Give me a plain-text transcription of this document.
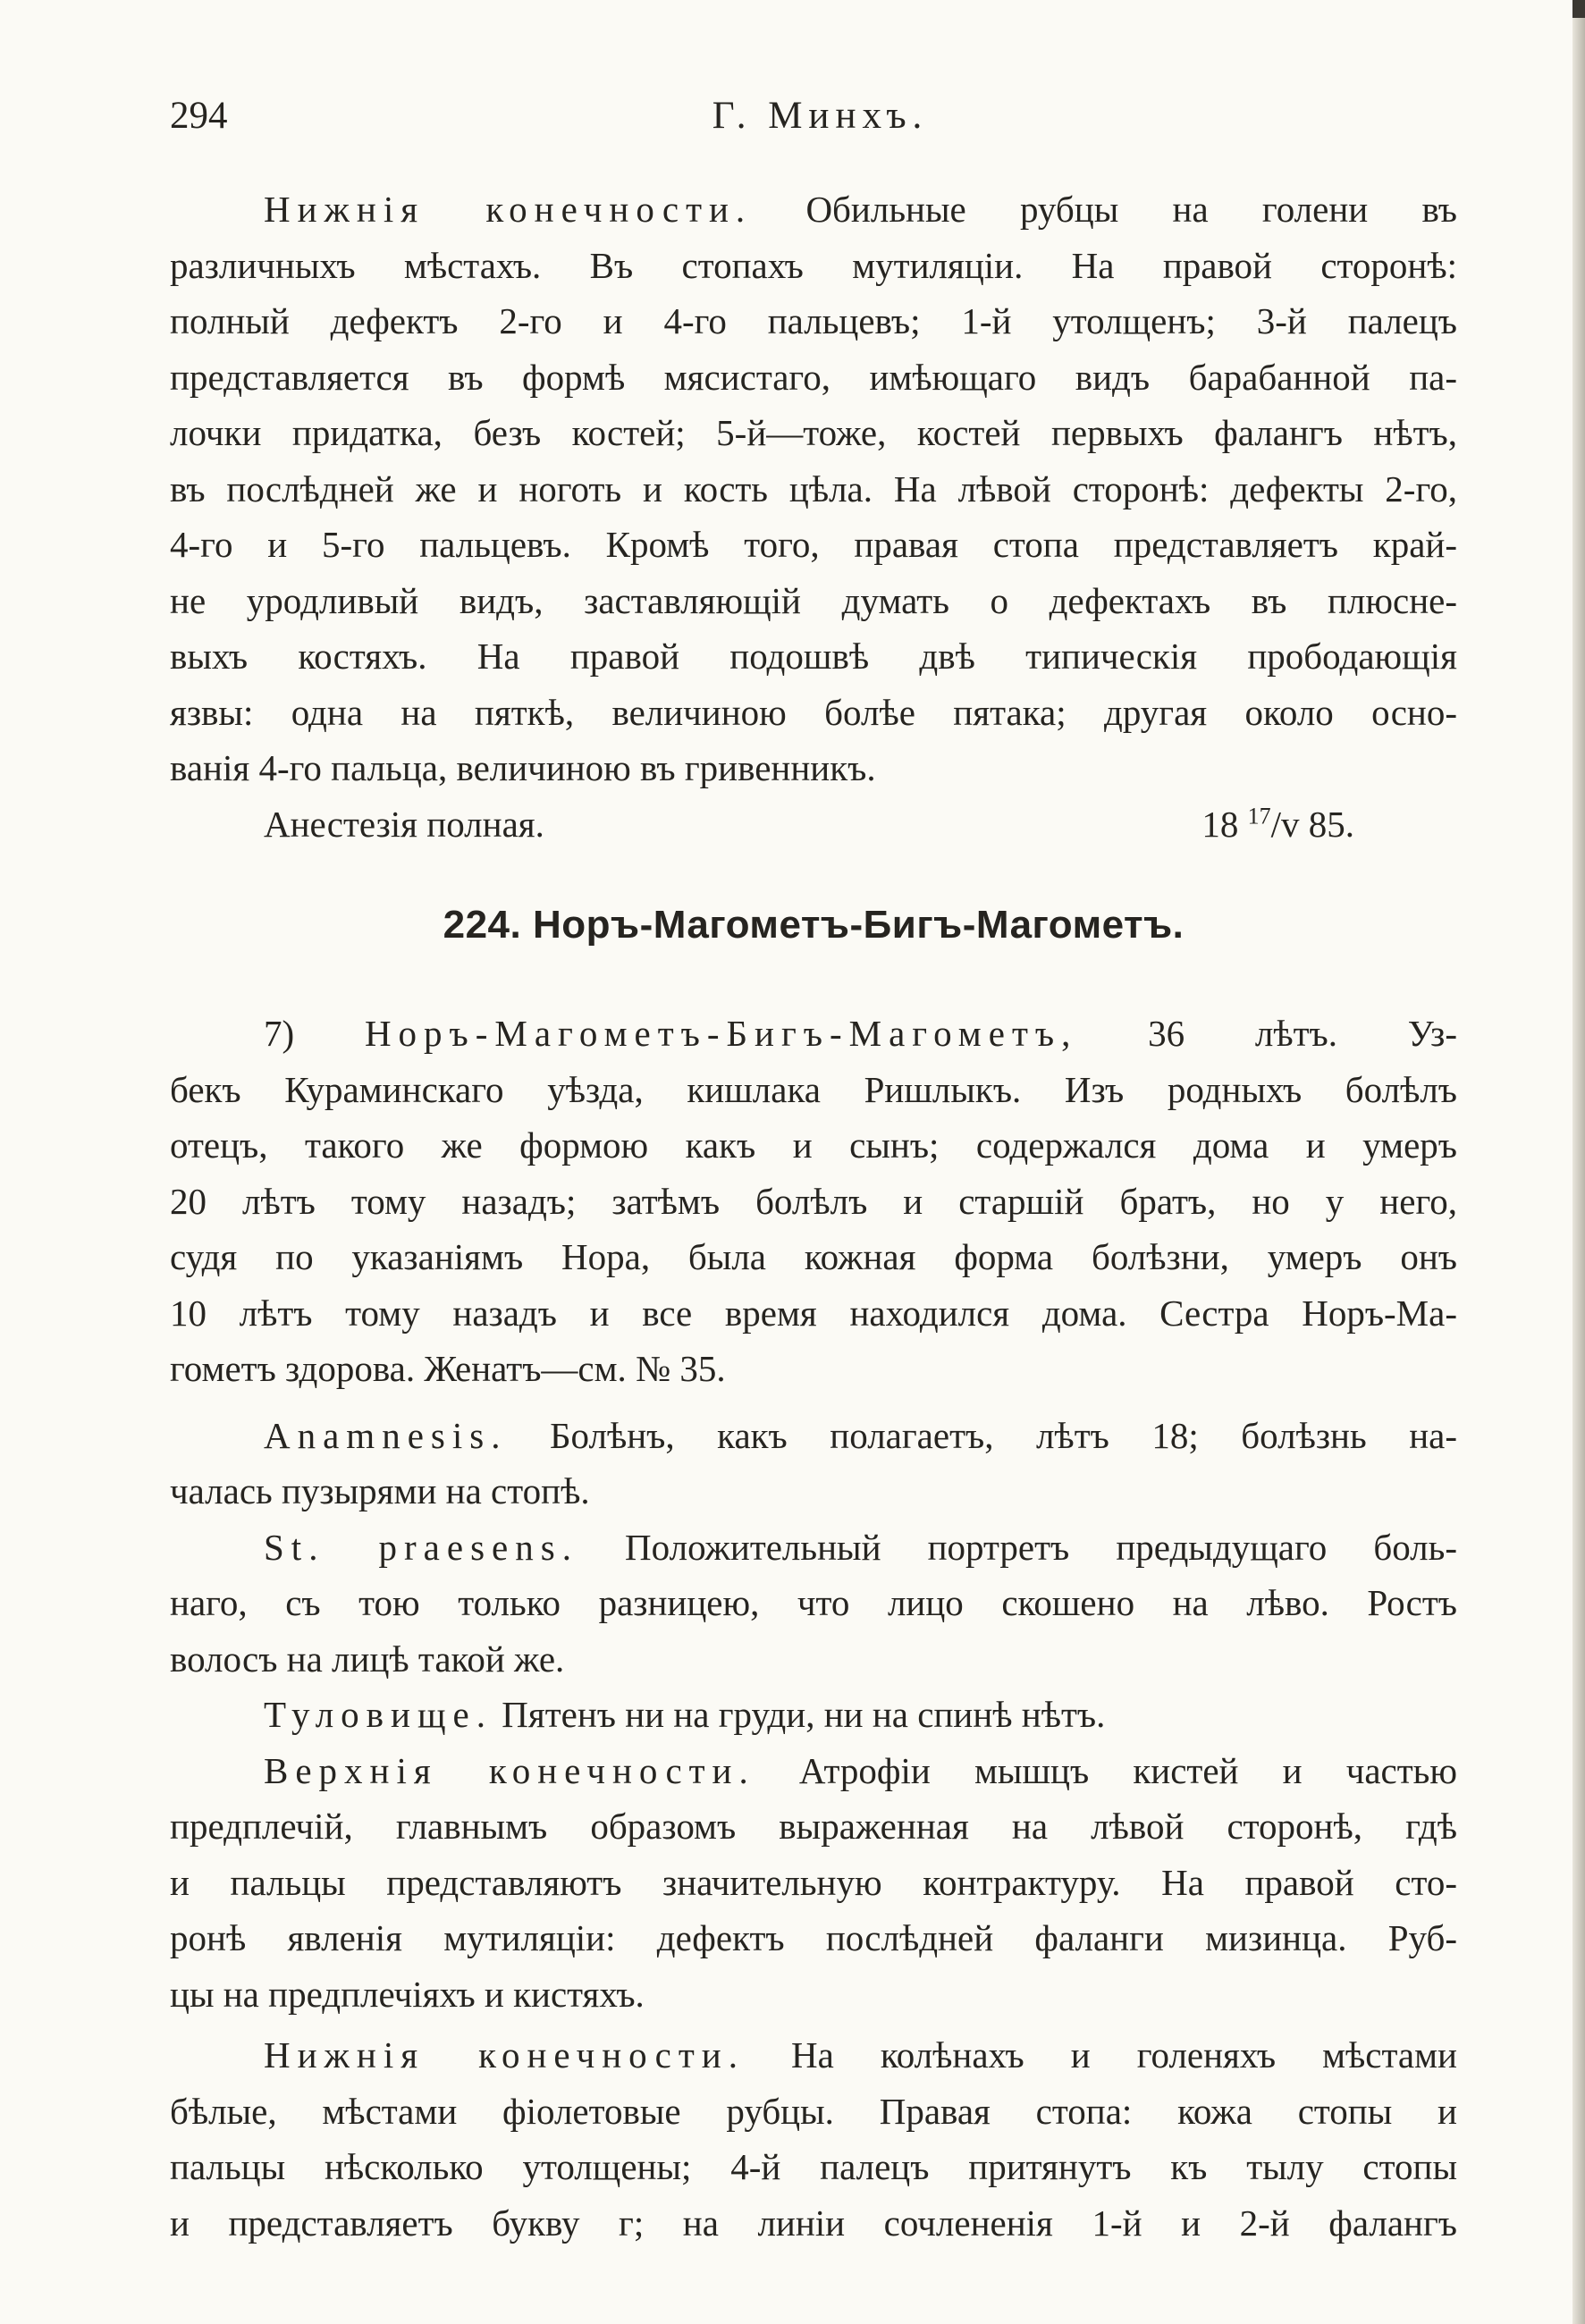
294	Г. Минхъ.
Нижнія конечности. Обильные рубцы на голени въ
различныхъ мѣстахъ. Въ стопахъ мутиляціи. На правой сторонѣ:
полный дефектъ 2-го и 4-го пальцевъ; 1-й утолщенъ; 3-й палецъ
представляется въ формѣ мясистаго, имѣющаго видъ барабанной па-
лочки придатка, безъ костей; 5-й—тоже, костей первыхъ фалангъ нѣтъ,
въ послѣдней же и ноготь и кость цѣла. На лѣвой сторонѣ: дефекты 2-го,
4-го и 5-го пальцевъ. Кромѣ того, правая стопа представляетъ край-
не уродливый видъ, заставляющій думать о дефектахъ въ плюсне-
выхъ костяхъ. На правой подошвѣ двѣ типическія прободающія
язвы: одна на пяткѣ, величиною болѣе пятака; другая около осно-
ванія 4-го пальца, величиною въ гривенникъ.
Анестезія полная.	18 $^{17}$/v 85.
224. Норъ-Магометъ-Бигъ-Магометъ.
7) Норъ-Магометъ-Бигъ-Магометъ, 36 лѣтъ. Уз-
бекъ Кураминскаго уѣзда, кишлака Ришлыкъ. Изъ родныхъ болѣлъ
отецъ, такого же формою какъ и сынъ; содержался дома и умеръ
20 лѣтъ тому назадъ; затѣмъ болѣлъ и старшій братъ, но у него,
судя по указаніямъ Нора, была кожная форма болѣзни, умеръ онъ
10 лѣтъ тому назадъ и все время находился дома. Сестра Норъ-Ма-
гометъ здорова. Женатъ—см. № 35.
Anamnesis. Болѣнъ, какъ полагаетъ, лѣтъ 18; болѣзнь на-
чалась пузырями на стопѣ.
St. praesens. Положительный портретъ предыдущаго боль-
наго, съ тою только разницею, что лицо скошено на лѣво. Ростъ
волосъ на лицѣ такой же.
Туловище. Пятенъ ни на груди, ни на спинѣ нѣтъ.
Верхнія конечности. Атрофіи мышцъ кистей и частью
предплечій, главнымъ образомъ выраженная на лѣвой сторонѣ, гдѣ
и пальцы представляютъ значительную контрактуру. На правой сто-
ронѣ явленія мутиляціи: дефектъ послѣдней фаланги мизинца. Руб-
цы на предплечіяхъ и кистяхъ.
Нижнія конечности. На колѣнахъ и голеняхъ мѣстами
бѣлые, мѣстами фіолетовые рубцы. Правая стопа: кожа стопы и
пальцы нѣсколько утолщены; 4-й палецъ притянутъ къ тылу стопы
и представляетъ букву г; на линіи сочлененія 1-й и 2-й фалангъ
